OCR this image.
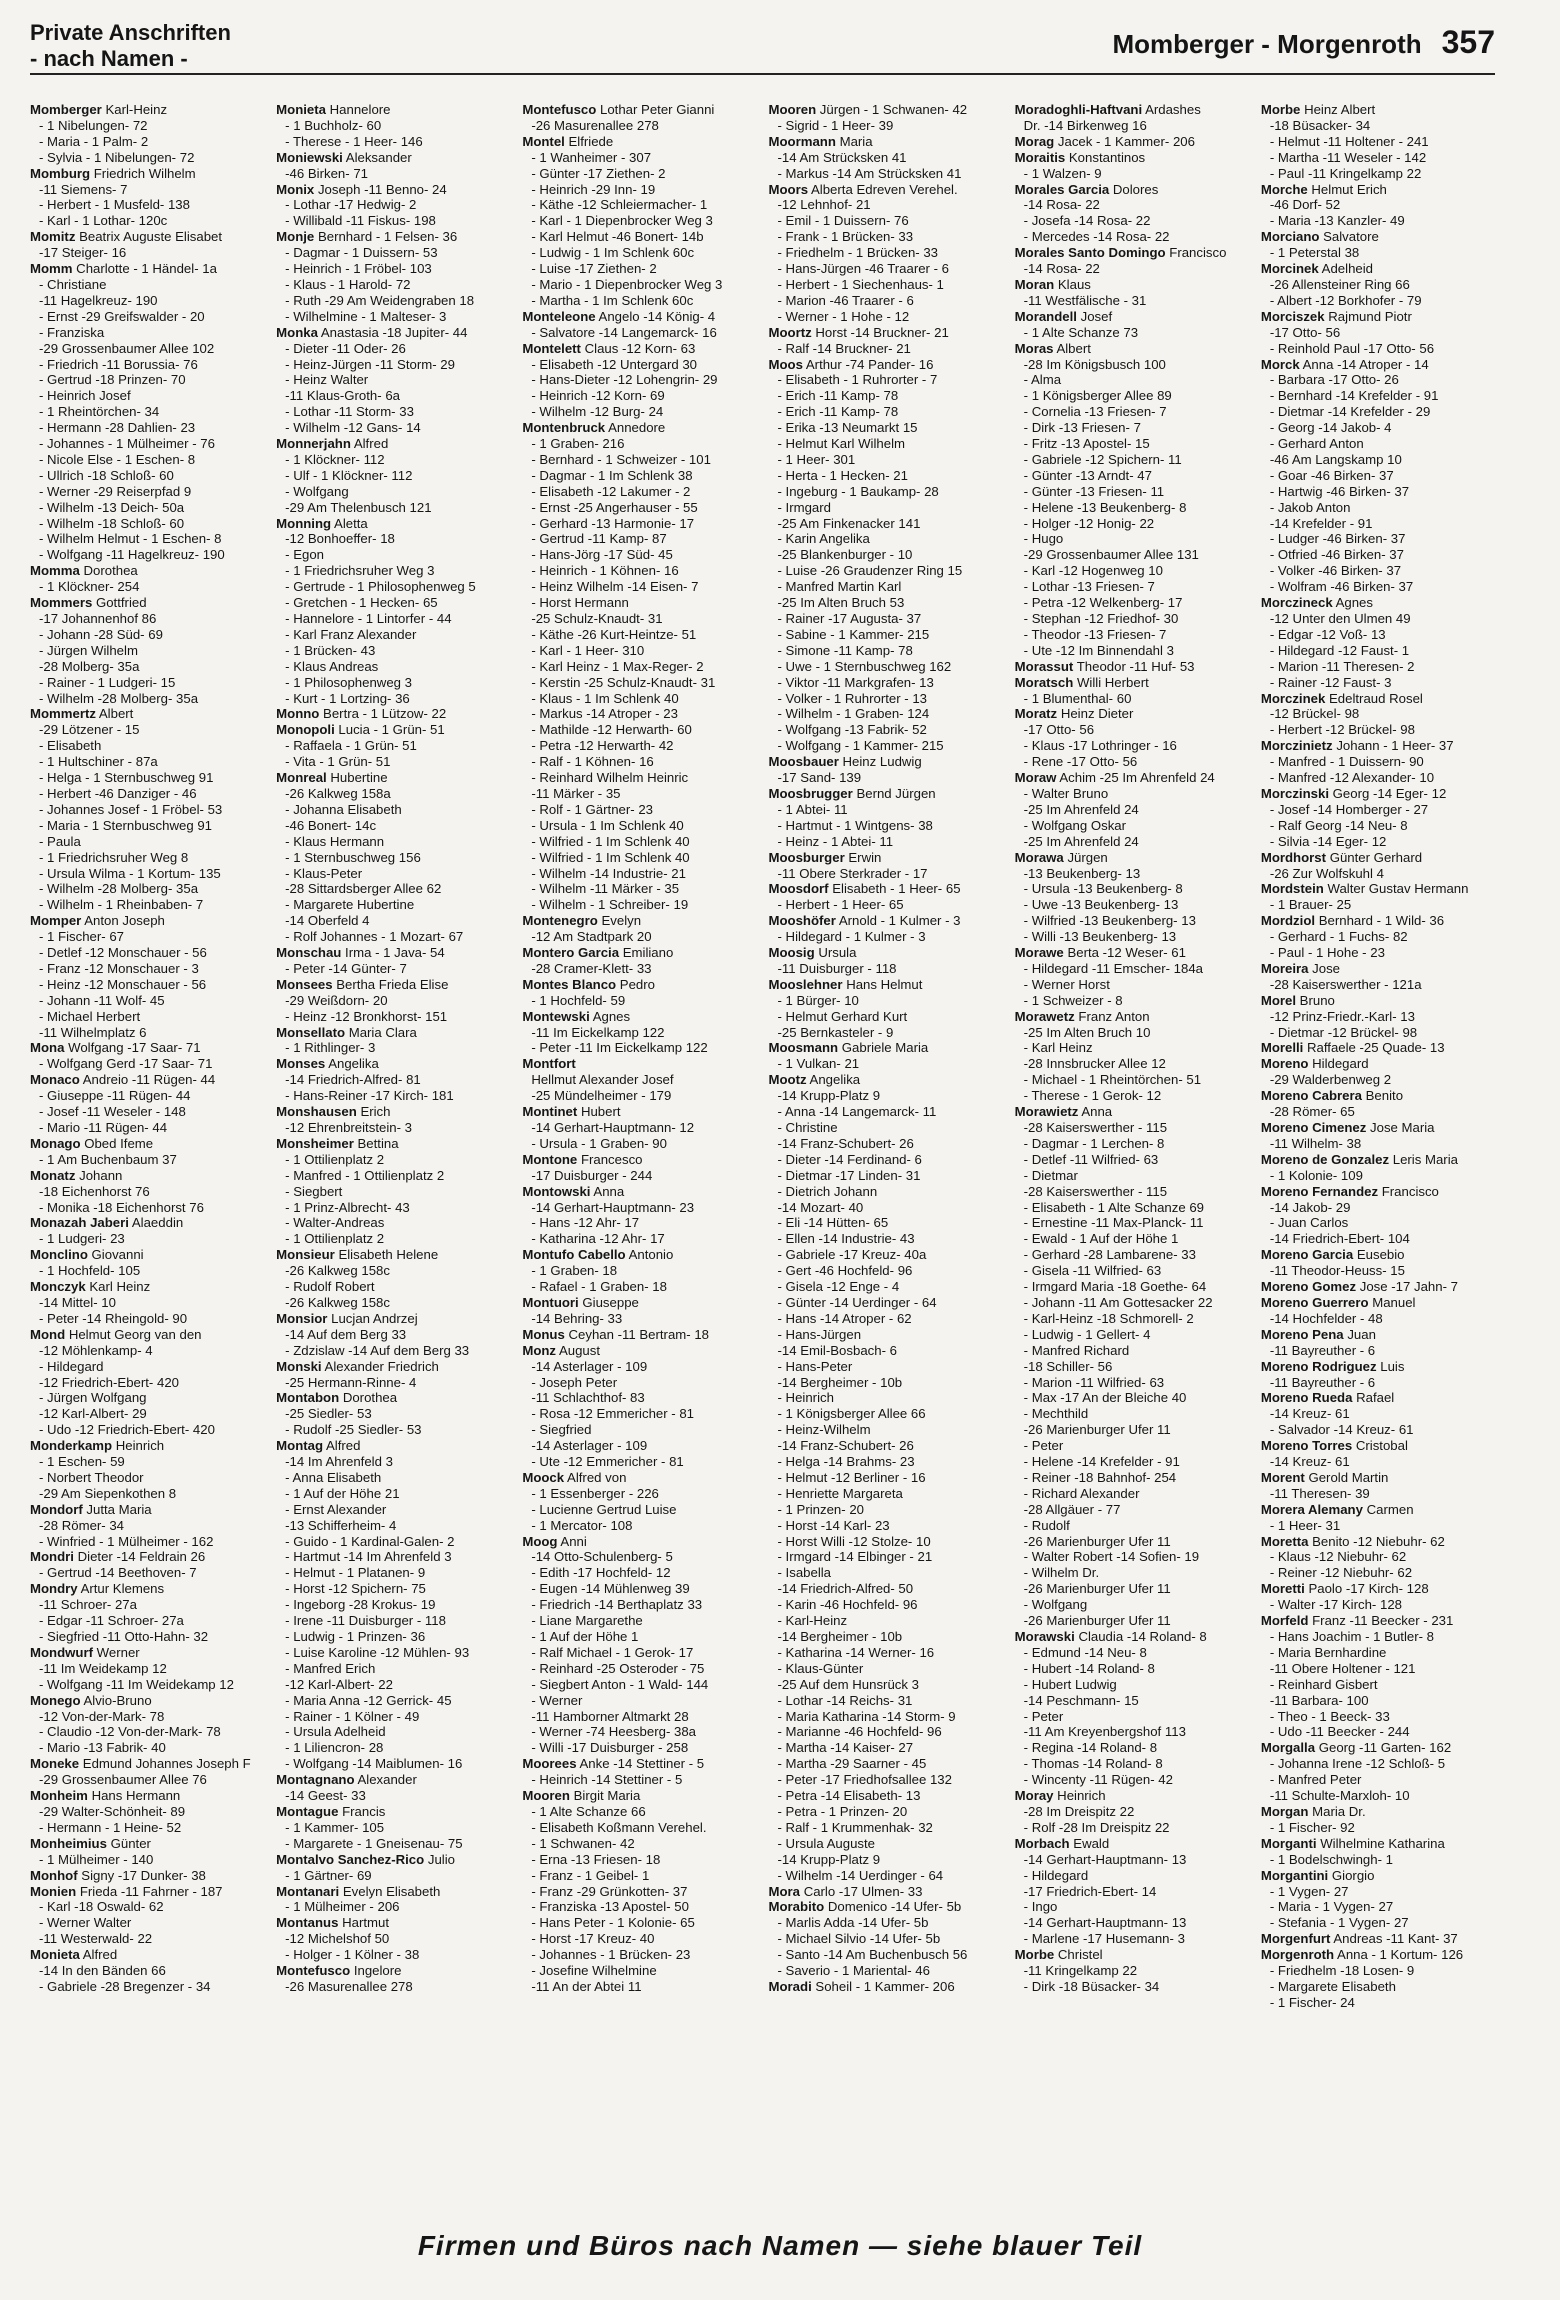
Private Anschriften
- nach Namen -	Momberger - Morgenroth 357
Momberger Karl-Heinz
- 1 Nibelungen- 72
- Maria - 1 Palm- 2
- Sylvia - 1 Nibelungen- 72
Momburg Friedrich Wilhelm
-11 Siemens- 7
- Herbert - 1 Musfeld- 138
- Karl - 1 Lothar- 120c
Momitz Beatrix Auguste Elisabet
-17 Steiger- 16
Momm Charlotte - 1 Händel- 1a
- Christiane
-11 Hagelkreuz- 190
- Ernst -29 Greifswalder - 20
- Franziska
-29 Grossenbaumer Allee 102
- Friedrich -11 Borussia- 76
- Gertrud -18 Prinzen- 70
- Heinrich Josef
- 1 Rheintörchen- 34
- Hermann -28 Dahlien- 23
- Johannes - 1 Mülheimer - 76
- Nicole Else - 1 Eschen- 8
- Ullrich -18 Schloß- 60
- Werner -29 Reiserpfad 9
- Wilhelm -13 Deich- 50a
- Wilhelm -18 Schloß- 60
- Wilhelm Helmut - 1 Eschen- 8
- Wolfgang -11 Hagelkreuz- 190
Momma Dorothea
- 1 Klöckner- 254
Mommers Gottfried
-17 Johannenhof 86
- Johann -28 Süd- 69
- Jürgen Wilhelm
-28 Molberg- 35a
- Rainer - 1 Ludgeri- 15
- Wilhelm -28 Molberg- 35a
Mommertz Albert
-29 Lötzener - 15
- Elisabeth
- 1 Hultschiner - 87a
- Helga - 1 Sternbuschweg 91
- Herbert -46 Danziger - 46
- Johannes Josef - 1 Fröbel- 53
- Maria - 1 Sternbuschweg 91
- Paula
- 1 Friedrichsruher Weg 8
- Ursula Wilma - 1 Kortum- 135
- Wilhelm -28 Molberg- 35a
- Wilhelm - 1 Rheinbaben- 7
Momper Anton Joseph
- 1 Fischer- 67
- Detlef -12 Monschauer - 56
- Franz -12 Monschauer - 3
- Heinz -12 Monschauer - 56
- Johann -11 Wolf- 45
- Michael Herbert
-11 Wilhelmplatz 6
Mona Wolfgang -17 Saar- 71
- Wolfgang Gerd -17 Saar- 71
Monaco Andreio -11 Rügen- 44
- Giuseppe -11 Rügen- 44
- Josef -11 Weseler - 148
- Mario -11 Rügen- 44
Monago Obed Ifeme
- 1 Am Buchenbaum 37
Monatz Johann
-18 Eichenhorst 76
- Monika -18 Eichenhorst 76
Monazah Jaberi Alaeddin
- 1 Ludgeri- 23
Monclino Giovanni
- 1 Hochfeld- 105
Monczyk Karl Heinz
-14 Mittel- 10
- Peter -14 Rheingold- 90
Mond Helmut Georg van den
-12 Möhlenkamp- 4
- Hildegard
-12 Friedrich-Ebert- 420
- Jürgen Wolfgang
-12 Karl-Albert- 29
- Udo -12 Friedrich-Ebert- 420
Monderkamp Heinrich
- 1 Eschen- 59
- Norbert Theodor
-29 Am Siepenkothen 8
Mondorf Jutta Maria
-28 Römer- 34
- Winfried - 1 Mülheimer - 162
Mondri Dieter -14 Feldrain 26
- Gertrud -14 Beethoven- 7
Mondry Artur Klemens
-11 Schroer- 27a
- Edgar -11 Schroer- 27a
- Siegfried -11 Otto-Hahn- 32
Mondwurf Werner
-11 Im Weidekamp 12
- Wolfgang -11 Im Weidekamp 12
Monego Alvio-Bruno
-12 Von-der-Mark- 78
- Claudio -12 Von-der-Mark- 78
- Mario -13 Fabrik- 40
Moneke Edmund Johannes Joseph F
-29 Grossenbaumer Allee 76
Monheim Hans Hermann
-29 Walter-Schönheit- 89
- Hermann - 1 Heine- 52
Monheimius Günter
- 1 Mülheimer - 140
Monhof Signy -17 Dunker- 38
Monien Frieda -11 Fahrner - 187
- Karl -18 Oswald- 62
- Werner Walter
-11 Westerwald- 22
Monieta Alfred
-14 In den Bänden 66
- Gabriele -28 Bregenzer - 34
Monieta Hannelore
- 1 Buchholz- 60
- Therese - 1 Heer- 146
Moniewski Aleksander
-46 Birken- 71
Monix Joseph -11 Benno- 24
- Lothar -17 Hedwig- 2
- Willibald -11 Fiskus- 198
Monje Bernhard - 1 Felsen- 36
- Dagmar - 1 Duissern- 53
- Heinrich - 1 Fröbel- 103
- Klaus - 1 Harold- 72
- Ruth -29 Am Weidengraben 18
- Wilhelmine - 1 Malteser- 3
Monka Anastasia -18 Jupiter- 44
- Dieter -11 Oder- 26
- Heinz-Jürgen -11 Storm- 29
- Heinz Walter
-11 Klaus-Groth- 6a
- Lothar -11 Storm- 33
- Wilhelm -12 Gans- 14
Monnerjahn Alfred
- 1 Klöckner- 112
- Ulf - 1 Klöckner- 112
- Wolfgang
-29 Am Thelenbusch 121
Monning Aletta
-12 Bonhoeffer- 18
- Egon
- 1 Friedrichsruher Weg 3
- Gertrude - 1 Philosophenweg 5
- Gretchen - 1 Hecken- 65
- Hannelore - 1 Lintorfer - 44
- Karl Franz Alexander
- 1 Brücken- 43
- Klaus Andreas
- 1 Philosophenweg 3
- Kurt - 1 Lortzing- 36
Monno Bertra - 1 Lützow- 22
Monopoli Lucia - 1 Grün- 51
- Raffaela - 1 Grün- 51
- Vita - 1 Grün- 51
Monreal Hubertine
-26 Kalkweg 158a
- Johanna Elisabeth
-46 Bonert- 14c
- Klaus Hermann
- 1 Sternbuschweg 156
- Klaus-Peter
-28 Sittardsberger Allee 62
- Margarete Hubertine
-14 Oberfeld 4
- Rolf Johannes - 1 Mozart- 67
Monschau Irma - 1 Java- 54
- Peter -14 Günter- 7
Monsees Bertha Frieda Elise
-29 Weißdorn- 20
- Heinz -12 Bronkhorst- 151
Monsellato Maria Clara
- 1 Rithlinger- 3
Monses Angelika
-14 Friedrich-Alfred- 81
- Hans-Reiner -17 Kirch- 181
Monshausen Erich
-12 Ehrenbreitstein- 3
Monsheimer Bettina
- 1 Ottilienplatz 2
- Manfred - 1 Ottilienplatz 2
- Siegbert
- 1 Prinz-Albrecht- 43
- Walter-Andreas
- 1 Ottilienplatz 2
Monsieur Elisabeth Helene
-26 Kalkweg 158c
- Rudolf Robert
-26 Kalkweg 158c
Monsior Lucjan Andrzej
-14 Auf dem Berg 33
- Zdzislaw -14 Auf dem Berg 33
Monski Alexander Friedrich
-25 Hermann-Rinne- 4
Montabon Dorothea
-25 Siedler- 53
- Rudolf -25 Siedler- 53
Montag Alfred
-14 Im Ahrenfeld 3
- Anna Elisabeth
- 1 Auf der Höhe 21
- Ernst Alexander
-13 Schifferheim- 4
- Guido - 1 Kardinal-Galen- 2
- Hartmut -14 Im Ahrenfeld 3
- Helmut - 1 Platanen- 9
- Horst -12 Spichern- 75
- Ingeborg -28 Krokus- 19
- Irene -11 Duisburger - 118
- Ludwig - 1 Prinzen- 36
- Luise Karoline -12 Mühlen- 93
- Manfred Erich
-12 Karl-Albert- 22
- Maria Anna -12 Gerrick- 45
- Rainer - 1 Kölner - 49
- Ursula Adelheid
- 1 Liliencron- 28
- Wolfgang -14 Maiblumen- 16
Montagnano Alexander
-14 Geest- 33
Montague Francis
- 1 Kammer- 105
- Margarete - 1 Gneisenau- 75
Montalvo Sanchez-Rico Julio
- 1 Gärtner- 69
Montanari Evelyn Elisabeth
- 1 Mülheimer - 206
Montanus Hartmut
-12 Michelshof 50
- Holger - 1 Kölner - 38
Montefusco Ingelore
-26 Masurenallee 278
Montefusco Lothar Peter Gianni
-26 Masurenallee 278
Montel Elfriede
- 1 Wanheimer - 307
- Günter -17 Ziethen- 2
- Heinrich -29 Inn- 19
- Käthe -12 Schleiermacher- 1
- Karl - 1 Diepenbrocker Weg 3
- Karl Helmut -46 Bonert- 14b
- Ludwig - 1 Im Schlenk 60c
- Luise -17 Ziethen- 2
- Mario - 1 Diepenbrocker Weg 3
- Martha - 1 Im Schlenk 60c
Monteleone Angelo -14 König- 4
- Salvatore -14 Langemarck- 16
Montelett Claus -12 Korn- 63
- Elisabeth -12 Untergard 30
- Hans-Dieter -12 Lohengrin- 29
- Heinrich -12 Korn- 69
- Wilhelm -12 Burg- 24
Montenbruck Annedore
- 1 Graben- 216
- Bernhard - 1 Schweizer - 101
- Dagmar - 1 Im Schlenk 38
- Elisabeth -12 Lakumer - 2
- Ernst -25 Angerhauser - 55
- Gerhard -13 Harmonie- 17
- Gertrud -11 Kamp- 87
- Hans-Jörg -17 Süd- 45
- Heinrich - 1 Köhnen- 16
- Heinz Wilhelm -14 Eisen- 7
- Horst Hermann
-25 Schulz-Knaudt- 31
- Käthe -26 Kurt-Heintze- 51
- Karl - 1 Heer- 310
- Karl Heinz - 1 Max-Reger- 2
- Kerstin -25 Schulz-Knaudt- 31
- Klaus - 1 Im Schlenk 40
- Markus -14 Atroper - 23
- Mathilde -12 Herwarth- 60
- Petra -12 Herwarth- 42
- Ralf - 1 Köhnen- 16
- Reinhard Wilhelm Heinric
-11 Märker - 35
- Rolf - 1 Gärtner- 23
- Ursula - 1 Im Schlenk 40
- Wilfried - 1 Im Schlenk 40
- Wilfried - 1 Im Schlenk 40
- Wilhelm -14 Industrie- 21
- Wilhelm -11 Märker - 35
- Wilhelm - 1 Schreiber- 19
Montenegro Evelyn
-12 Am Stadtpark 20
Montero Garcia Emiliano
-28 Cramer-Klett- 33
Montes Blanco Pedro
- 1 Hochfeld- 59
Montewski Agnes
-11 Im Eickelkamp 122
- Peter -11 Im Eickelkamp 122
Montfort
Hellmut Alexander Josef
-25 Mündelheimer - 179
Montinet Hubert
-14 Gerhart-Hauptmann- 12
- Ursula - 1 Graben- 90
Montone Francesco
-17 Duisburger - 244
Montowski Anna
-14 Gerhart-Hauptmann- 23
- Hans -12 Ahr- 17
- Katharina -12 Ahr- 17
Montufo Cabello Antonio
- 1 Graben- 18
- Rafael - 1 Graben- 18
Montuori Giuseppe
-14 Behring- 33
Monus Ceyhan -11 Bertram- 18
Monz August
-14 Asterlager - 109
- Joseph Peter
-11 Schlachthof- 83
- Rosa -12 Emmericher - 81
- Siegfried
-14 Asterlager - 109
- Ute -12 Emmericher - 81
Moock Alfred von
- 1 Essenberger - 226
- Lucienne Gertrud Luise
- 1 Mercator- 108
Moog Anni
-14 Otto-Schulenberg- 5
- Edith -17 Hochfeld- 12
- Eugen -14 Mühlenweg 39
- Friedrich -14 Berthaplatz 33
- Liane Margarethe
- 1 Auf der Höhe 1
- Ralf Michael - 1 Gerok- 17
- Reinhard -25 Osteroder - 75
- Siegbert Anton - 1 Wald- 144
- Werner
-11 Hamborner Altmarkt 28
- Werner -74 Heesberg- 38a
- Willi -17 Duisburger - 258
Moorees Anke -14 Stettiner - 5
- Heinrich -14 Stettiner - 5
Mooren Birgit Maria
- 1 Alte Schanze 66
- Elisabeth Koßmann Verehel.
- 1 Schwanen- 42
- Erna -13 Friesen- 18
- Franz - 1 Geibel- 1
- Franz -29 Grünkotten- 37
- Franziska -13 Apostel- 50
- Hans Peter - 1 Kolonie- 65
- Horst -17 Kreuz- 40
- Johannes - 1 Brücken- 23
- Josefine Wilhelmine
-11 An der Abtei 11
Mooren Jürgen - 1 Schwanen- 42
- Sigrid - 1 Heer- 39
Moormann Maria
-14 Am Strücksken 41
- Markus -14 Am Strücksken 41
Moors Alberta Edreven Verehel.
-12 Lehnhof- 21
- Emil - 1 Duissern- 76
- Frank - 1 Brücken- 33
- Friedhelm - 1 Brücken- 33
- Hans-Jürgen -46 Traarer - 6
- Herbert - 1 Siechenhaus- 1
- Marion -46 Traarer - 6
- Werner - 1 Hohe - 12
Moortz Horst -14 Bruckner- 21
- Ralf -14 Bruckner- 21
Moos Arthur -74 Pander- 16
- Elisabeth - 1 Ruhrorter - 7
- Erich -11 Kamp- 78
- Erich -11 Kamp- 78
- Erika -13 Neumarkt 15
- Helmut Karl Wilhelm
- 1 Heer- 301
- Herta - 1 Hecken- 21
- Ingeburg - 1 Baukamp- 28
- Irmgard
-25 Am Finkenacker 141
- Karin Angelika
-25 Blankenburger - 10
- Luise -26 Graudenzer Ring 15
- Manfred Martin Karl
-25 Im Alten Bruch 53
- Rainer -17 Augusta- 37
- Sabine - 1 Kammer- 215
- Simone -11 Kamp- 78
- Uwe - 1 Sternbuschweg 162
- Viktor -11 Markgrafen- 13
- Volker - 1 Ruhrorter - 13
- Wilhelm - 1 Graben- 124
- Wolfgang -13 Fabrik- 52
- Wolfgang - 1 Kammer- 215
Moosbauer Heinz Ludwig
-17 Sand- 139
Moosbrugger Bernd Jürgen
- 1 Abtei- 11
- Hartmut - 1 Wintgens- 38
- Heinz - 1 Abtei- 11
Moosburger Erwin
-11 Obere Sterkrader - 17
Moosdorf Elisabeth - 1 Heer- 65
- Herbert - 1 Heer- 65
Mooshöfer Arnold - 1 Kulmer - 3
- Hildegard - 1 Kulmer - 3
Moosig Ursula
-11 Duisburger - 118
Mooslehner Hans Helmut
- 1 Bürger- 10
- Helmut Gerhard Kurt
-25 Bernkasteler - 9
Moosmann Gabriele Maria
- 1 Vulkan- 21
Mootz Angelika
-14 Krupp-Platz 9
- Anna -14 Langemarck- 11
- Christine
-14 Franz-Schubert- 26
- Dieter -14 Ferdinand- 6
- Dietmar -17 Linden- 31
- Dietrich Johann
-14 Mozart- 40
- Eli -14 Hütten- 65
- Ellen -14 Industrie- 43
- Gabriele -17 Kreuz- 40a
- Gert -46 Hochfeld- 96
- Gisela -12 Enge - 4
- Günter -14 Uerdinger - 64
- Hans -14 Atroper - 62
- Hans-Jürgen
-14 Emil-Bosbach- 6
- Hans-Peter
-14 Bergheimer - 10b
- Heinrich
- 1 Königsberger Allee 66
- Heinz-Wilhelm
-14 Franz-Schubert- 26
- Helga -14 Brahms- 23
- Helmut -12 Berliner - 16
- Henriette Margareta
- 1 Prinzen- 20
- Horst -14 Karl- 23
- Horst Willi -12 Stolze- 10
- Irmgard -14 Elbinger - 21
- Isabella
-14 Friedrich-Alfred- 50
- Karin -46 Hochfeld- 96
- Karl-Heinz
-14 Bergheimer - 10b
- Katharina -14 Werner- 16
- Klaus-Günter
-25 Auf dem Hunsrück 3
- Lothar -14 Reichs- 31
- Maria Katharina -14 Storm- 9
- Marianne -46 Hochfeld- 96
- Martha -14 Kaiser- 27
- Martha -29 Saarner - 45
- Peter -17 Friedhofsallee 132
- Petra -14 Elisabeth- 13
- Petra - 1 Prinzen- 20
- Ralf - 1 Krummenhak- 32
- Ursula Auguste
-14 Krupp-Platz 9
- Wilhelm -14 Uerdinger - 64
Mora Carlo -17 Ulmen- 33
Morabito Domenico -14 Ufer- 5b
- Marlis Adda -14 Ufer- 5b
- Michael Silvio -14 Ufer- 5b
- Santo -14 Am Buchenbusch 56
- Saverio - 1 Mariental- 46
Moradi Soheil - 1 Kammer- 206
Moradoghli-Haftvani Ardashes
Dr. -14 Birkenweg 16
Morag Jacek - 1 Kammer- 206
Moraitis Konstantinos
- 1 Walzen- 9
Morales Garcia Dolores
-14 Rosa- 22
- Josefa -14 Rosa- 22
- Mercedes -14 Rosa- 22
Morales Santo Domingo Francisco
-14 Rosa- 22
Moran Klaus
-11 Westfälische - 31
Morandell Josef
- 1 Alte Schanze 73
Moras Albert
-28 Im Königsbusch 100
- Alma
- 1 Königsberger Allee 89
- Cornelia -13 Friesen- 7
- Dirk -13 Friesen- 7
- Fritz -13 Apostel- 15
- Gabriele -12 Spichern- 11
- Günter -13 Arndt- 47
- Günter -13 Friesen- 11
- Helene -13 Beukenberg- 8
- Holger -12 Honig- 22
- Hugo
-29 Grossenbaumer Allee 131
- Karl -12 Hogenweg 10
- Lothar -13 Friesen- 7
- Petra -12 Welkenberg- 17
- Stephan -12 Friedhof- 30
- Theodor -13 Friesen- 7
- Ute -12 Im Binnendahl 3
Morassut Theodor -11 Huf- 53
Moratsch Willi Herbert
- 1 Blumenthal- 60
Moratz Heinz Dieter
-17 Otto- 56
- Klaus -17 Lothringer - 16
- Rene -17 Otto- 56
Moraw Achim -25 Im Ahrenfeld 24
- Walter Bruno
-25 Im Ahrenfeld 24
- Wolfgang Oskar
-25 Im Ahrenfeld 24
Morawa Jürgen
-13 Beukenberg- 13
- Ursula -13 Beukenberg- 8
- Uwe -13 Beukenberg- 13
- Wilfried -13 Beukenberg- 13
- Willi -13 Beukenberg- 13
Morawe Berta -12 Weser- 61
- Hildegard -11 Emscher- 184a
- Werner Horst
- 1 Schweizer - 8
Morawetz Franz Anton
-25 Im Alten Bruch 10
- Karl Heinz
-28 Innsbrucker Allee 12
- Michael - 1 Rheintörchen- 51
- Therese - 1 Gerok- 12
Morawietz Anna
-28 Kaiserswerther - 115
- Dagmar - 1 Lerchen- 8
- Detlef -11 Wilfried- 63
- Dietmar
-28 Kaiserswerther - 115
- Elisabeth - 1 Alte Schanze 69
- Ernestine -11 Max-Planck- 11
- Ewald - 1 Auf der Höhe 1
- Gerhard -28 Lambarene- 33
- Gisela -11 Wilfried- 63
- Irmgard Maria -18 Goethe- 64
- Johann -11 Am Gottesacker 22
- Karl-Heinz -18 Schmorell- 2
- Ludwig - 1 Gellert- 4
- Manfred Richard
-18 Schiller- 56
- Marion -11 Wilfried- 63
- Max -17 An der Bleiche 40
- Mechthild
-26 Marienburger Ufer 11
- Peter
- Helene -14 Krefelder - 91
- Reiner -18 Bahnhof- 254
- Richard Alexander
-28 Allgäuer - 77
- Rudolf
-26 Marienburger Ufer 11
- Walter Robert -14 Sofien- 19
- Wilhelm Dr.
-26 Marienburger Ufer 11
- Wolfgang
-26 Marienburger Ufer 11
Morawski Claudia -14 Roland- 8
- Edmund -14 Neu- 8
- Hubert -14 Roland- 8
- Hubert Ludwig
-14 Peschmann- 15
- Peter
-11 Am Kreyenbergshof 113
- Regina -14 Roland- 8
- Thomas -14 Roland- 8
- Wincenty -11 Rügen- 42
Moray Heinrich
-28 Im Dreispitz 22
- Rolf -28 Im Dreispitz 22
Morbach Ewald
-14 Gerhart-Hauptmann- 13
- Hildegard
-17 Friedrich-Ebert- 14
- Ingo
-14 Gerhart-Hauptmann- 13
- Marlene -17 Husemann- 3
Morbe Christel
-11 Kringelkamp 22
- Dirk -18 Büsacker- 34
Morbe Heinz Albert
-18 Büsacker- 34
- Helmut -11 Holtener - 241
- Martha -11 Weseler - 142
- Paul -11 Kringelkamp 22
Morche Helmut Erich
-46 Dorf- 52
- Maria -13 Kanzler- 49
Morciano Salvatore
- 1 Peterstal 38
Morcinek Adelheid
-26 Allensteiner Ring 66
- Albert -12 Borkhofer - 79
Morciszek Rajmund Piotr
-17 Otto- 56
- Reinhold Paul -17 Otto- 56
Morck Anna -14 Atroper - 14
- Barbara -17 Otto- 26
- Bernhard -14 Krefelder - 91
- Dietmar -14 Krefelder - 29
- Georg -14 Jakob- 4
- Gerhard Anton
-46 Am Langskamp 10
- Goar -46 Birken- 37
- Hartwig -46 Birken- 37
- Jakob Anton
-14 Krefelder - 91
- Ludger -46 Birken- 37
- Otfried -46 Birken- 37
- Volker -46 Birken- 37
- Wolfram -46 Birken- 37
Morczineck Agnes
-12 Unter den Ulmen 49
- Edgar -12 Voß- 13
- Hildegard -12 Faust- 1
- Marion -11 Theresen- 2
- Rainer -12 Faust- 3
Morczinek Edeltraud Rosel
-12 Brückel- 98
- Herbert -12 Brückel- 98
Morczinietz Johann - 1 Heer- 37
- Manfred - 1 Duissern- 90
- Manfred -12 Alexander- 10
Morczinski Georg -14 Eger- 12
- Josef -14 Homberger - 27
- Ralf Georg -14 Neu- 8
- Silvia -14 Eger- 12
Mordhorst Günter Gerhard
-26 Zur Wolfskuhl 4
Mordstein Walter Gustav Hermann
- 1 Brauer- 25
Mordziol Bernhard - 1 Wild- 36
- Gerhard - 1 Fuchs- 82
- Paul - 1 Hohe - 23
Moreira Jose
-28 Kaiserswerther - 121a
Morel Bruno
-12 Prinz-Friedr.-Karl- 13
- Dietmar -12 Brückel- 98
Morelli Raffaele -25 Quade- 13
Moreno Hildegard
-29 Walderbenweg 2
Moreno Cabrera Benito
-28 Römer- 65
Moreno Cimenez Jose Maria
-11 Wilhelm- 38
Moreno de Gonzalez Leris Maria
- 1 Kolonie- 109
Moreno Fernandez Francisco
-14 Jakob- 29
- Juan Carlos
-14 Friedrich-Ebert- 104
Moreno Garcia Eusebio
-11 Theodor-Heuss- 15
Moreno Gomez Jose -17 Jahn- 7
Moreno Guerrero Manuel
-14 Hochfelder - 48
Moreno Pena Juan
-11 Bayreuther - 6
Moreno Rodriguez Luis
-11 Bayreuther - 6
Moreno Rueda Rafael
-14 Kreuz- 61
- Salvador -14 Kreuz- 61
Moreno Torres Cristobal
-14 Kreuz- 61
Morent Gerold Martin
-11 Theresen- 39
Morera Alemany Carmen
- 1 Heer- 31
Moretta Benito -12 Niebuhr- 62
- Klaus -12 Niebuhr- 62
- Reiner -12 Niebuhr- 62
Moretti Paolo -17 Kirch- 128
- Walter -17 Kirch- 128
Morfeld Franz -11 Beecker - 231
- Hans Joachim - 1 Butler- 8
- Maria Bernhardine
-11 Obere Holtener - 121
- Reinhard Gisbert
-11 Barbara- 100
- Theo - 1 Beeck- 33
- Udo -11 Beecker - 244
Morgalla Georg -11 Garten- 162
- Johanna Irene -12 Schloß- 5
- Manfred Peter
-11 Schulte-Marxloh- 10
Morgan Maria Dr.
- 1 Fischer- 92
Morganti Wilhelmine Katharina
- 1 Bodelschwingh- 1
Morgantini Giorgio
- 1 Vygen- 27
- Maria - 1 Vygen- 27
- Stefania - 1 Vygen- 27
Morgenfurt Andreas -11 Kant- 37
Morgenroth Anna - 1 Kortum- 126
- Friedhelm -18 Losen- 9
- Margarete Elisabeth
- 1 Fischer- 24
Firmen und Büros nach Namen — siehe blauer Teil
